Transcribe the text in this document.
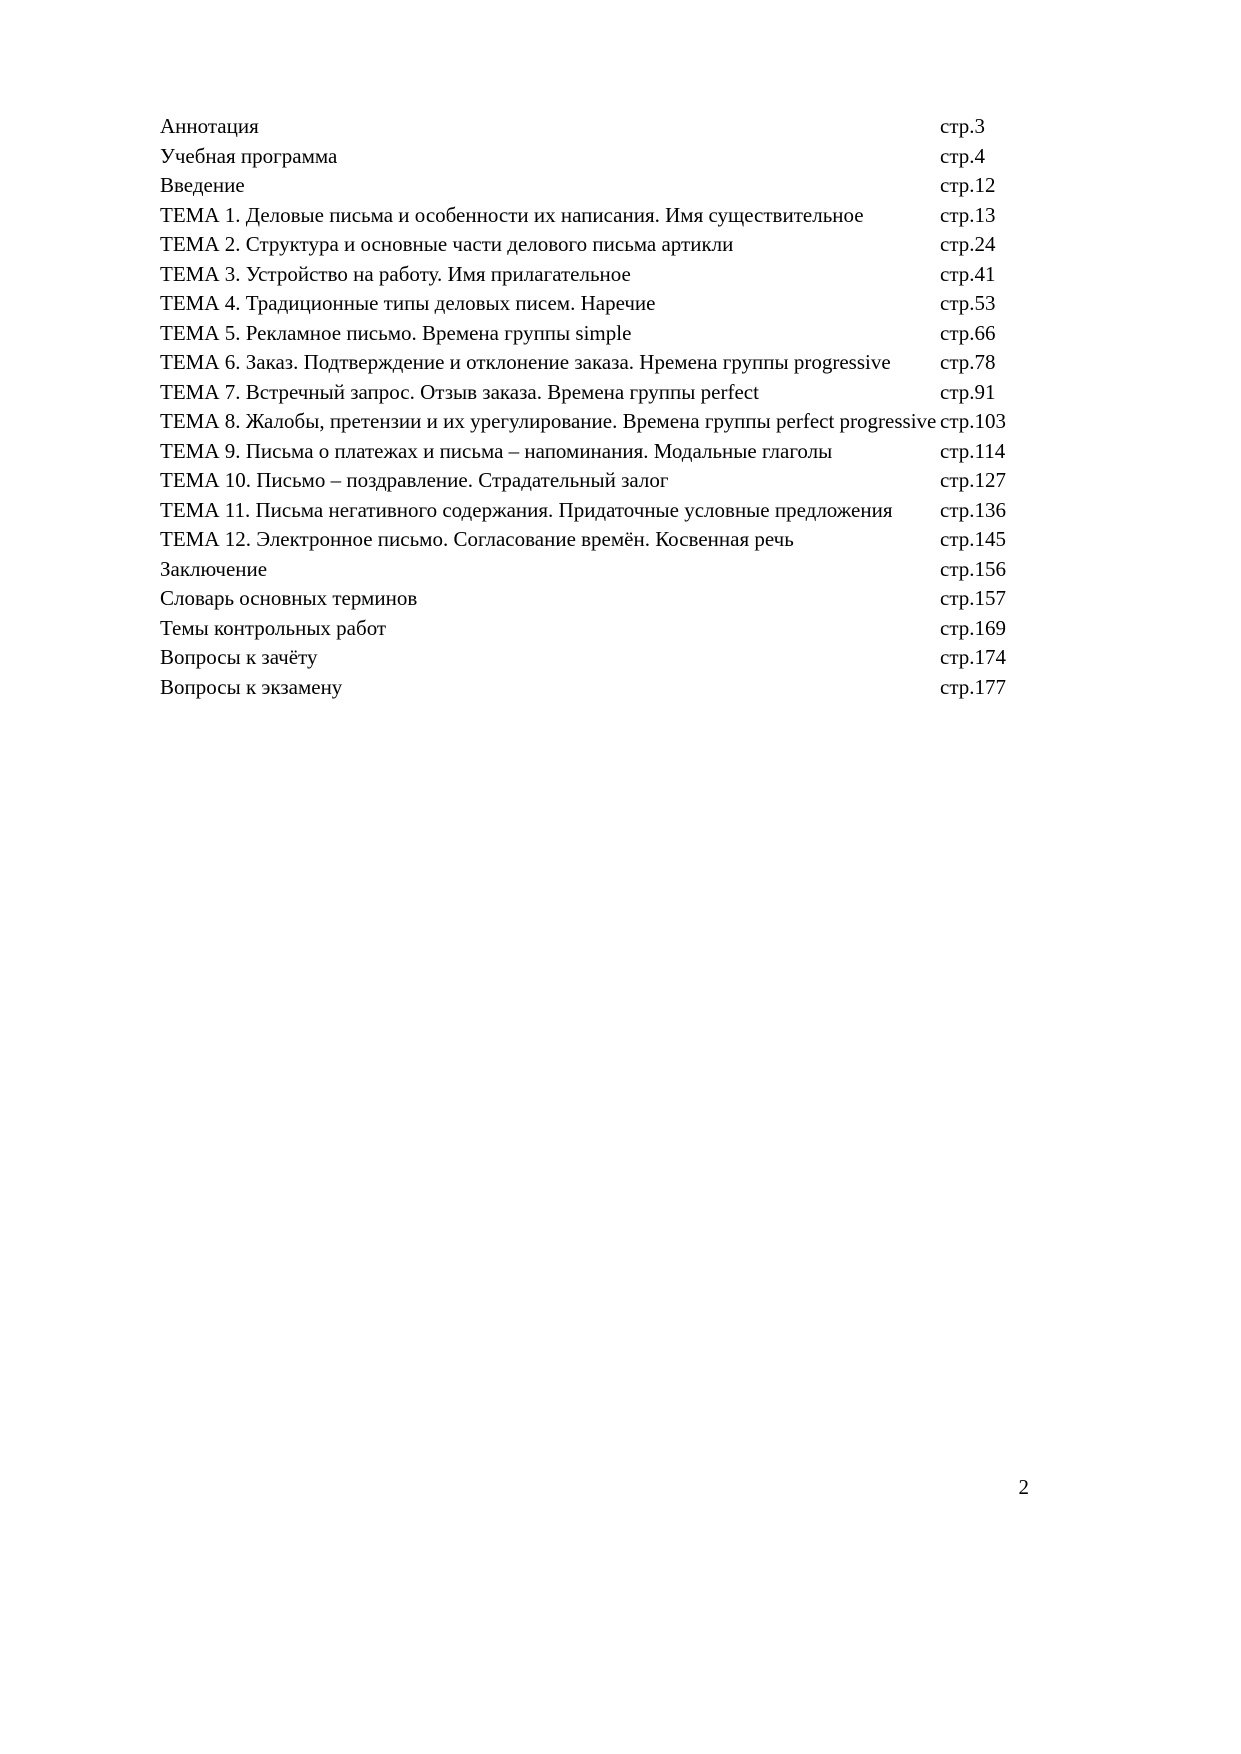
Аннотация	стр.3
Учебная программа	стр.4
Введение	стр.12
ТЕМА 1. Деловые письма и особенности их написания. Имя существительное	стр.13
ТЕМА 2. Структура и основные части делового письма артикли	стр.24
ТЕМА 3. Устройство на работу. Имя прилагательное	стр.41
ТЕМА 4. Традиционные типы деловых писем. Наречие	стр.53
ТЕМА 5. Рекламное письмо. Времена группы simple	стр.66
ТЕМА 6. Заказ. Подтверждение и отклонение заказа. Нремена группы progressive	стр.78
ТЕМА 7. Встречный запрос. Отзыв заказа. Времена группы perfect	стр.91
ТЕМА 8. Жалобы, претензии и их урегулирование. Времена группы perfect progressive стр.103
ТЕМА 9. Письма о платежах и письма – напоминания. Модальные глаголы	стр.114
ТЕМА 10. Письмо – поздравление. Страдательный залог	стр.127
ТЕМА 11. Письма негативного содержания. Придаточные условные предложения	стр.136
ТЕМА 12. Электронное письмо. Согласование времён. Косвенная речь	стр.145
Заключение	стр.156
Словарь основных терминов	стр.157
Темы контрольных работ	стр.169
Вопросы к зачёту	стр.174
Вопросы к экзамену	стр.177
2
